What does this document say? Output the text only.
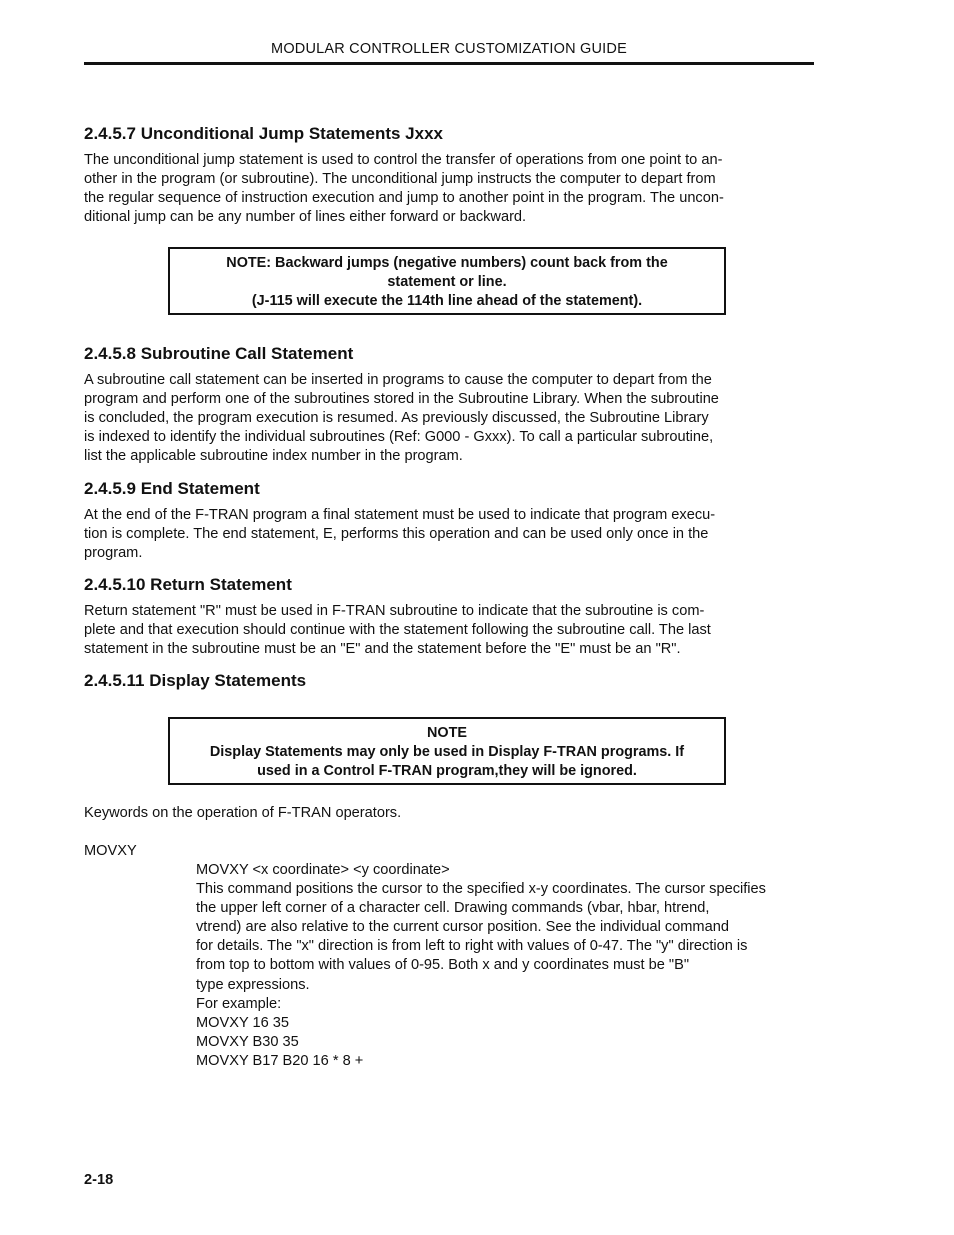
MODULAR CONTROLLER CUSTOMIZATION GUIDE
2.4.5.7 Unconditional Jump Statements Jxxx
The unconditional jump statement is used to control the transfer of operations from one point to an-
other in the program (or subroutine). The unconditional jump instructs the computer to depart from
the regular sequence of instruction execution and jump to another point in the program. The uncon-
ditional jump can be any number of lines either forward or backward.
NOTE: Backward jumps (negative numbers) count back from the
statement or line.
(J-115 will execute the 114th line ahead of the statement).
2.4.5.8 Subroutine Call Statement
A subroutine call statement can be inserted in programs to cause the computer to depart from the
program and perform one of the subroutines stored in the Subroutine Library. When the subroutine
is concluded, the program execution is resumed. As previously discussed, the Subroutine Library
is indexed to identify the individual subroutines (Ref: G000 - Gxxx). To call a particular subroutine,
list the applicable subroutine index number in the program.
2.4.5.9 End Statement
At the end of the F-TRAN program a final statement must be used to indicate that program execu-
tion is complete. The end statement, E, performs this operation and can be used only once in the
program.
2.4.5.10 Return Statement
Return statement "R" must be used in F-TRAN subroutine to indicate that the subroutine is com-
plete and that execution should continue with the statement following the subroutine call. The last
statement in the subroutine must be an "E" and the statement before the "E" must be an "R".
2.4.5.11 Display Statements
NOTE
Display Statements may only be used in Display F-TRAN programs. If
used in a Control F-TRAN program,they will be ignored.
Keywords on the operation of F-TRAN operators.
MOVXY
MOVXY <x coordinate> <y coordinate>
This command positions the cursor to the specified x-y coordinates. The cursor specifies
the upper left corner of a character cell. Drawing commands (vbar, hbar, htrend,
vtrend) are also relative to the current cursor position. See the individual command
for details. The "x" direction is from left to right with values of 0-47. The "y" direction is
from top to bottom with values of 0-95. Both x and y coordinates must be "B"
type expressions.
For example:
MOVXY 16 35
MOVXY B30 35
MOVXY B17 B20 16 * 8 +
2-18
